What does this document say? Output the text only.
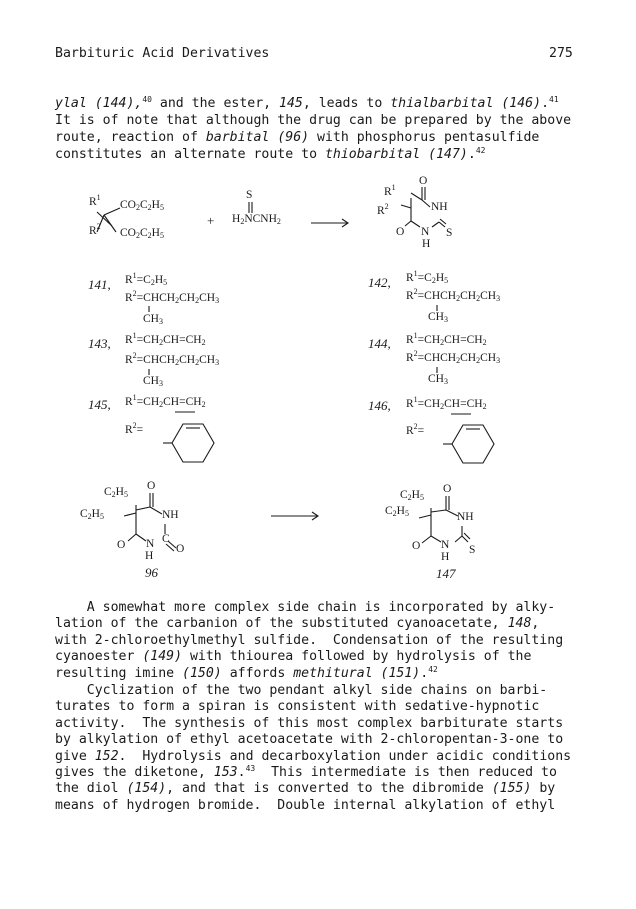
Barbituric Acid Derivatives	275
ylal (144),$^{40}$ and the ester, 145, leads to thialbarbital (146).$^{41}$
It is of note that although the drug can be prepared by the above
route, reaction of barbital (96) with phosphorus pentasulfide
constitutes an alternate route to thiobarbital (147).$^{42}$
$R^1$
$CO_2C_2H_5$
$R^2$
$CO_2C_2H_5$
+
S
$H_2NCNH_2$
O
$R^1$
$R^2$	NH
O N S
H
141, $R^1=C_2H_5$
$R^2=CHCH_2CH_2CH_3$
$CH_3$
143, $R^1=CH_2CH=CH_2$
$R^2=CHCH_2CH_2CH_3$
$CH_3$
145, $R^1=CH_2CH=CH_2$
$R^2=$
142, $R^1=C_2H_5$
$R^2=CHCH_2CH_2CH_3$
$CH_3$
144, $R^1=CH_2CH=CH_2$
$R^2=CHCH_2CH_2CH_3$
$CH_3$
146, $R^1=CH_2CH=CH_2$
$R^2=$
O
$C_2H_5$
$C_2H_5$	NH
C
N
O	O
H
96
O
$C_2H_5$
$C_2H_5$	NH
N
O	S
H
147
A somewhat more complex side chain is incorporated by alky-
lation of the carbanion of the substituted cyanoacetate, 148,
with 2-chloroethylmethyl sulfide.  Condensation of the resulting
cyanoester (149) with thiourea followed by hydrolysis of the
resulting imine (150) affords methitural (151).$^{42}$
Cyclization of the two pendant alkyl side chains on barbi-
turates to form a spiran is consistent with sedative-hypnotic
activity.  The synthesis of this most complex barbiturate starts
by alkylation of ethyl acetoacetate with 2-chloropentan-3-one to
give 152.  Hydrolysis and decarboxylation under acidic conditions
gives the diketone, 153.43  This intermediate is then reduced to
the diol (154), and that is converted to the dibromide (155) by
means of hydrogen bromide.  Double internal alkylation of ethyl
